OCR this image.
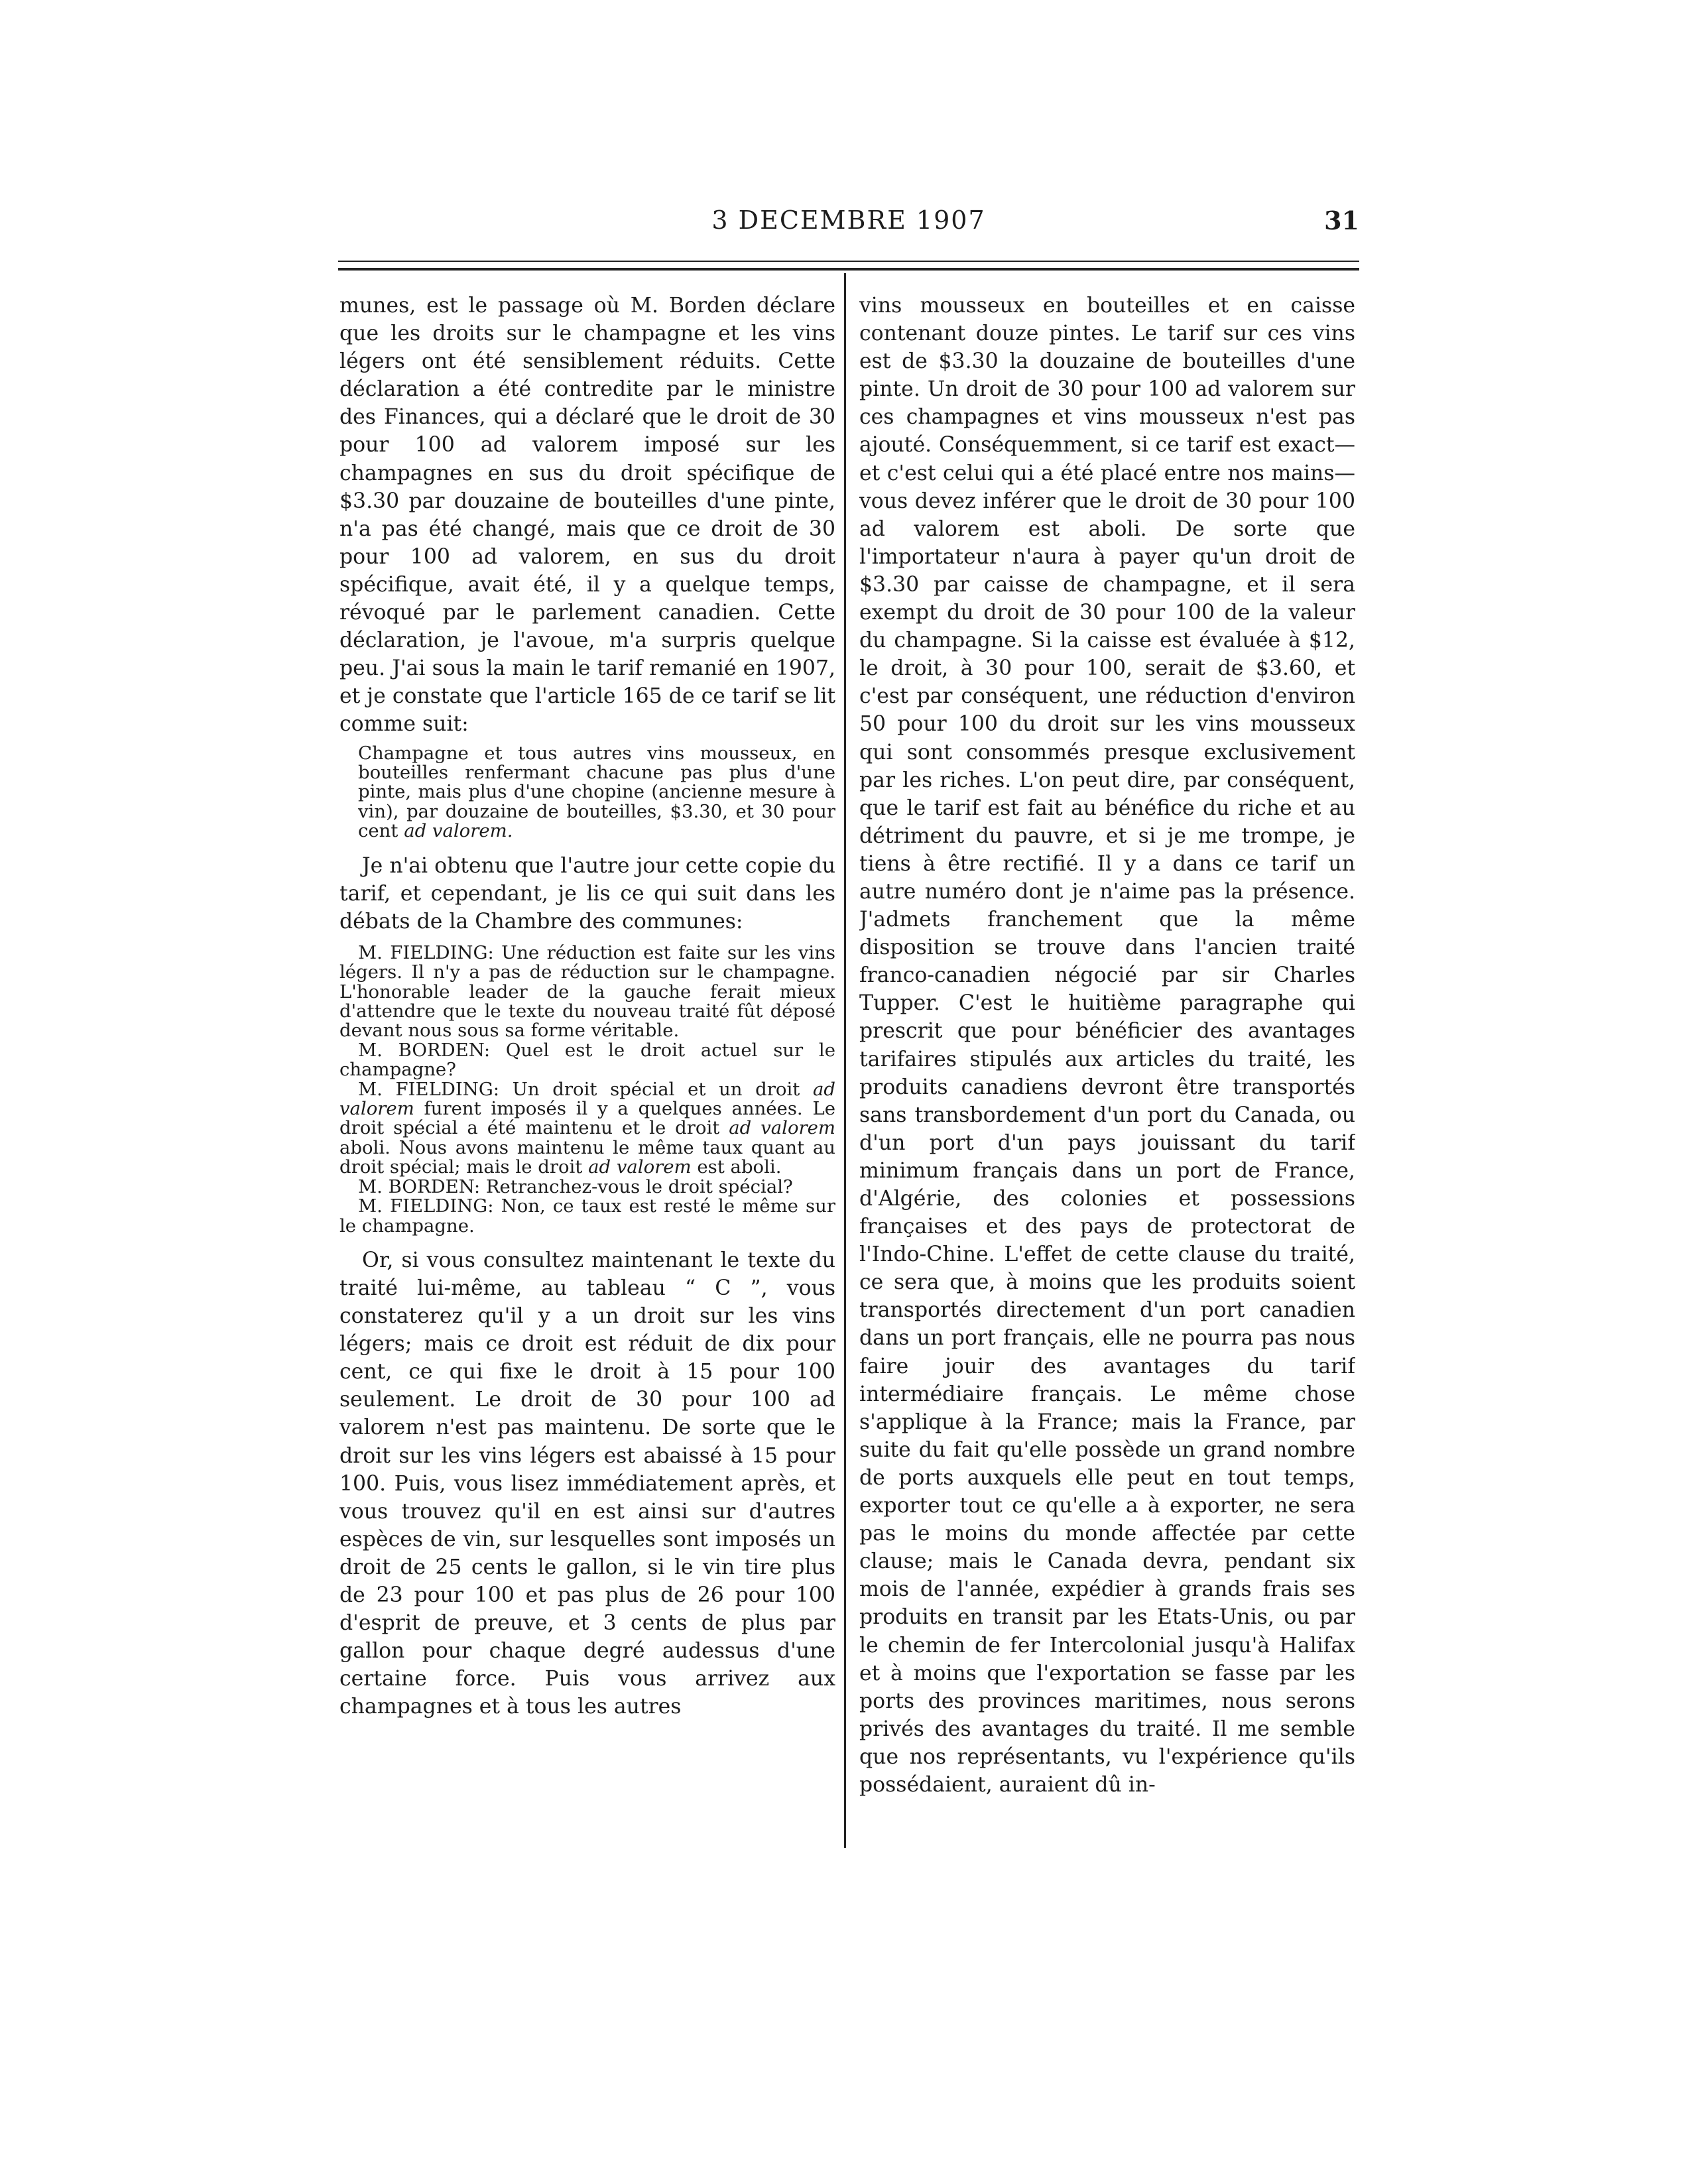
3 DECEMBRE 1907	31

munes, est le passage où M. Borden déclare que les droits sur le champagne et les vins légers ont été sensiblement réduits. Cette déclaration a été contredite par le ministre des Finances, qui a déclaré que le droit de 30 pour 100 ad valorem imposé sur les champagnes en sus du droit spécifique de $3.30 par douzaine de bouteilles d'une pinte, n'a pas été changé, mais que ce droit de 30 pour 100 ad valorem, en sus du droit spécifique, avait été, il y a quelque temps, révoqué par le parlement canadien. Cette déclaration, je l'avoue, m'a surpris quelque peu. J'ai sous la main le tarif remanié en 1907, et je constate que l'article 165 de ce tarif se lit comme suit:

Champagne et tous autres vins mousseux, en bouteilles renfermant chacune pas plus d'une pinte, mais plus d'une chopine (ancienne mesure à vin), par douzaine de bouteilles, $3.30, et 30 pour cent ad valorem.

Je n'ai obtenu que l'autre jour cette copie du tarif, et cependant, je lis ce qui suit dans les débats de la Chambre des communes:

M. FIELDING: Une réduction est faite sur les vins légers. Il n'y a pas de réduction sur le champagne. L'honorable leader de la gauche ferait mieux d'attendre que le texte du nouveau traité fût déposé devant nous sous sa forme véritable.

M. BORDEN: Quel est le droit actuel sur le champagne?

M. FIELDING: Un droit spécial et un droit ad valorem furent imposés il y a quelques années. Le droit spécial a été maintenu et le droit ad valorem aboli. Nous avons maintenu le même taux quant au droit spécial; mais le droit ad valorem est aboli.

M. BORDEN: Retranchez-vous le droit spécial?

M. FIELDING: Non, ce taux est resté le même sur le champagne.

Or, si vous consultez maintenant le texte du traité lui-même, au tableau “ C ”, vous constaterez qu'il y a un droit sur les vins légers; mais ce droit est réduit de dix pour cent, ce qui fixe le droit à 15 pour 100 seulement. Le droit de 30 pour 100 ad valorem n'est pas maintenu. De sorte que le droit sur les vins légers est abaissé à 15 pour 100. Puis, vous lisez immédiatement après, et vous trouvez qu'il en est ainsi sur d'autres espèces de vin, sur lesquelles sont imposés un droit de 25 cents le gallon, si le vin tire plus de 23 pour 100 et pas plus de 26 pour 100 d'esprit de preuve, et 3 cents de plus par gallon pour chaque degré audessus d'une certaine force. Puis vous arrivez aux champagnes et à tous les autres

vins mousseux en bouteilles et en caisse contenant douze pintes. Le tarif sur ces vins est de $3.30 la douzaine de bouteilles d'une pinte. Un droit de 30 pour 100 ad valorem sur ces champagnes et vins mousseux n'est pas ajouté. Conséquemment, si ce tarif est exact—et c'est celui qui a été placé entre nos mains—vous devez inférer que le droit de 30 pour 100 ad valorem est aboli. De sorte que l'importateur n'aura à payer qu'un droit de $3.30 par caisse de champagne, et il sera exempt du droit de 30 pour 100 de la valeur du champagne. Si la caisse est évaluée à $12, le droit, à 30 pour 100, serait de $3.60, et c'est par conséquent, une réduction d'environ 50 pour 100 du droit sur les vins mousseux qui sont consommés presque exclusivement par les riches. L'on peut dire, par conséquent, que le tarif est fait au bénéfice du riche et au détriment du pauvre, et si je me trompe, je tiens à être rectifié. Il y a dans ce tarif un autre numéro dont je n'aime pas la présence. J'admets franchement que la même disposition se trouve dans l'ancien traité franco-canadien négocié par sir Charles Tupper. C'est le huitième paragraphe qui prescrit que pour bénéficier des avantages tarifaires stipulés aux articles du traité, les produits canadiens devront être transportés sans transbordement d'un port du Canada, ou d'un port d'un pays jouissant du tarif minimum français dans un port de France, d'Algérie, des colonies et possessions françaises et des pays de protectorat de l'Indo-Chine. L'effet de cette clause du traité, ce sera que, à moins que les produits soient transportés directement d'un port canadien dans un port français, elle ne pourra pas nous faire jouir des avantages du tarif intermédiaire français. Le même chose s'applique à la France; mais la France, par suite du fait qu'elle possède un grand nombre de ports auxquels elle peut en tout temps, exporter tout ce qu'elle a à exporter, ne sera pas le moins du monde affectée par cette clause; mais le Canada devra, pendant six mois de l'année, expédier à grands frais ses produits en transit par les Etats-Unis, ou par le chemin de fer Intercolonial jusqu'à Halifax et à moins que l'exportation se fasse par les ports des provinces maritimes, nous serons privés des avantages du traité. Il me semble que nos représentants, vu l'expérience qu'ils possédaient, auraient dû in-
